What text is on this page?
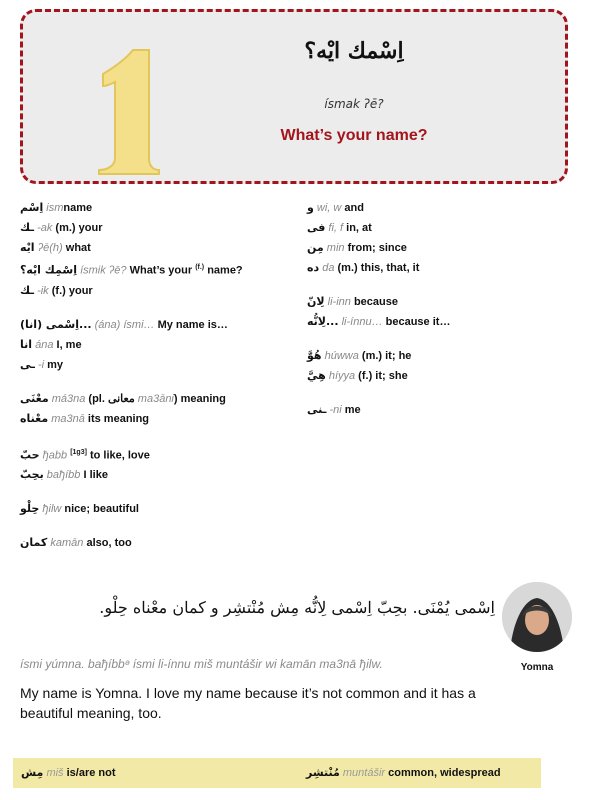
اِسْمك ايْه؟
ísmak ʔē?
What’s your name?
اِسْم ismname
ـك -ak (m.) your
ايْه ʔē(h) what
اِسْمِك ايْه؟ ísmik ʔē? What’s your $^{(f.)}$ name?
ـك -ik (f.) your
(انا) اِسْمى... (ána) ísmi… My name is…
انا ána I, me
ـى -i my
معْنَى má3na (pl. معانى ma3āni) meaning
معْناه ma3nā its meaning
حبّ ђabb [1g3] to like, love
بحِبّ baђíbb I like
حِلْو ђilw nice; beautiful
كمان kamān also, too
و wi, w and
فى fi, f in, at
مِن min from; since
ده da (m.) this, that, it
لِانّ li-inn because
لِانُّه... li-ínnu… because it…
هُوَّ húwwa (m.) it; he
هِيَّ híyya (f.) it; she
ـنى -ni me
اِسْمى يُمْنَى. بحِبّ اِسْمى لِانُّه مِش مُنْتشِر و كمان معْناه حِلْو.
Yomna
ísmi yúmna. baђíbbᵊ ísmi li-ínnu miš muntášir wi kamān ma3nā ђilw.
My name is Yomna. I love my name because it’s not common and it has a beautiful meaning, too.
مِش miš is/are not	مُنْتشِر muntášir common, widespread
